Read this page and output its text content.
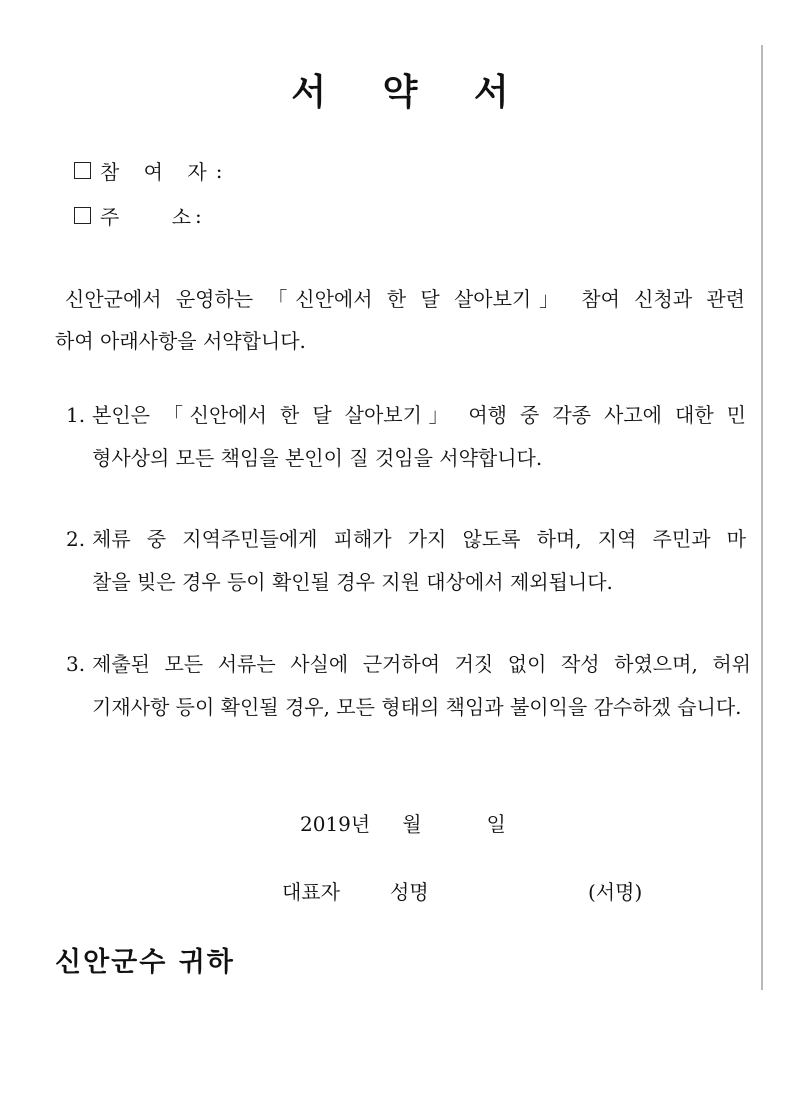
서 약 서
참 여 자 :
주 소 :
신안군에서 운영하는 「신안에서 한 달 살아보기」 참여 신청과 관련
하여 아래사항을 서약합니다.
1. 본인은 「신안에서 한 달 살아보기」 여행 중 각종 사고에 대한 민
형사상의 모든 책임을 본인이 질 것임을 서약합니다.
2. 체류 중 지역주민들에게 피해가 가지 않도록 하며, 지역 주민과 마
찰을 빚은 경우 등이 확인될 경우 지원 대상에서 제외됩니다.
3. 제출된 모든 서류는 사실에 근거하여 거짓 없이 작성 하였으며, 허위
기재사항 등이 확인될 경우, 모든 형태의 책임과 불이익을 감수하겠 습니다.
2019년 월	일
대표자	성명	(서명)
신안군수 귀하
